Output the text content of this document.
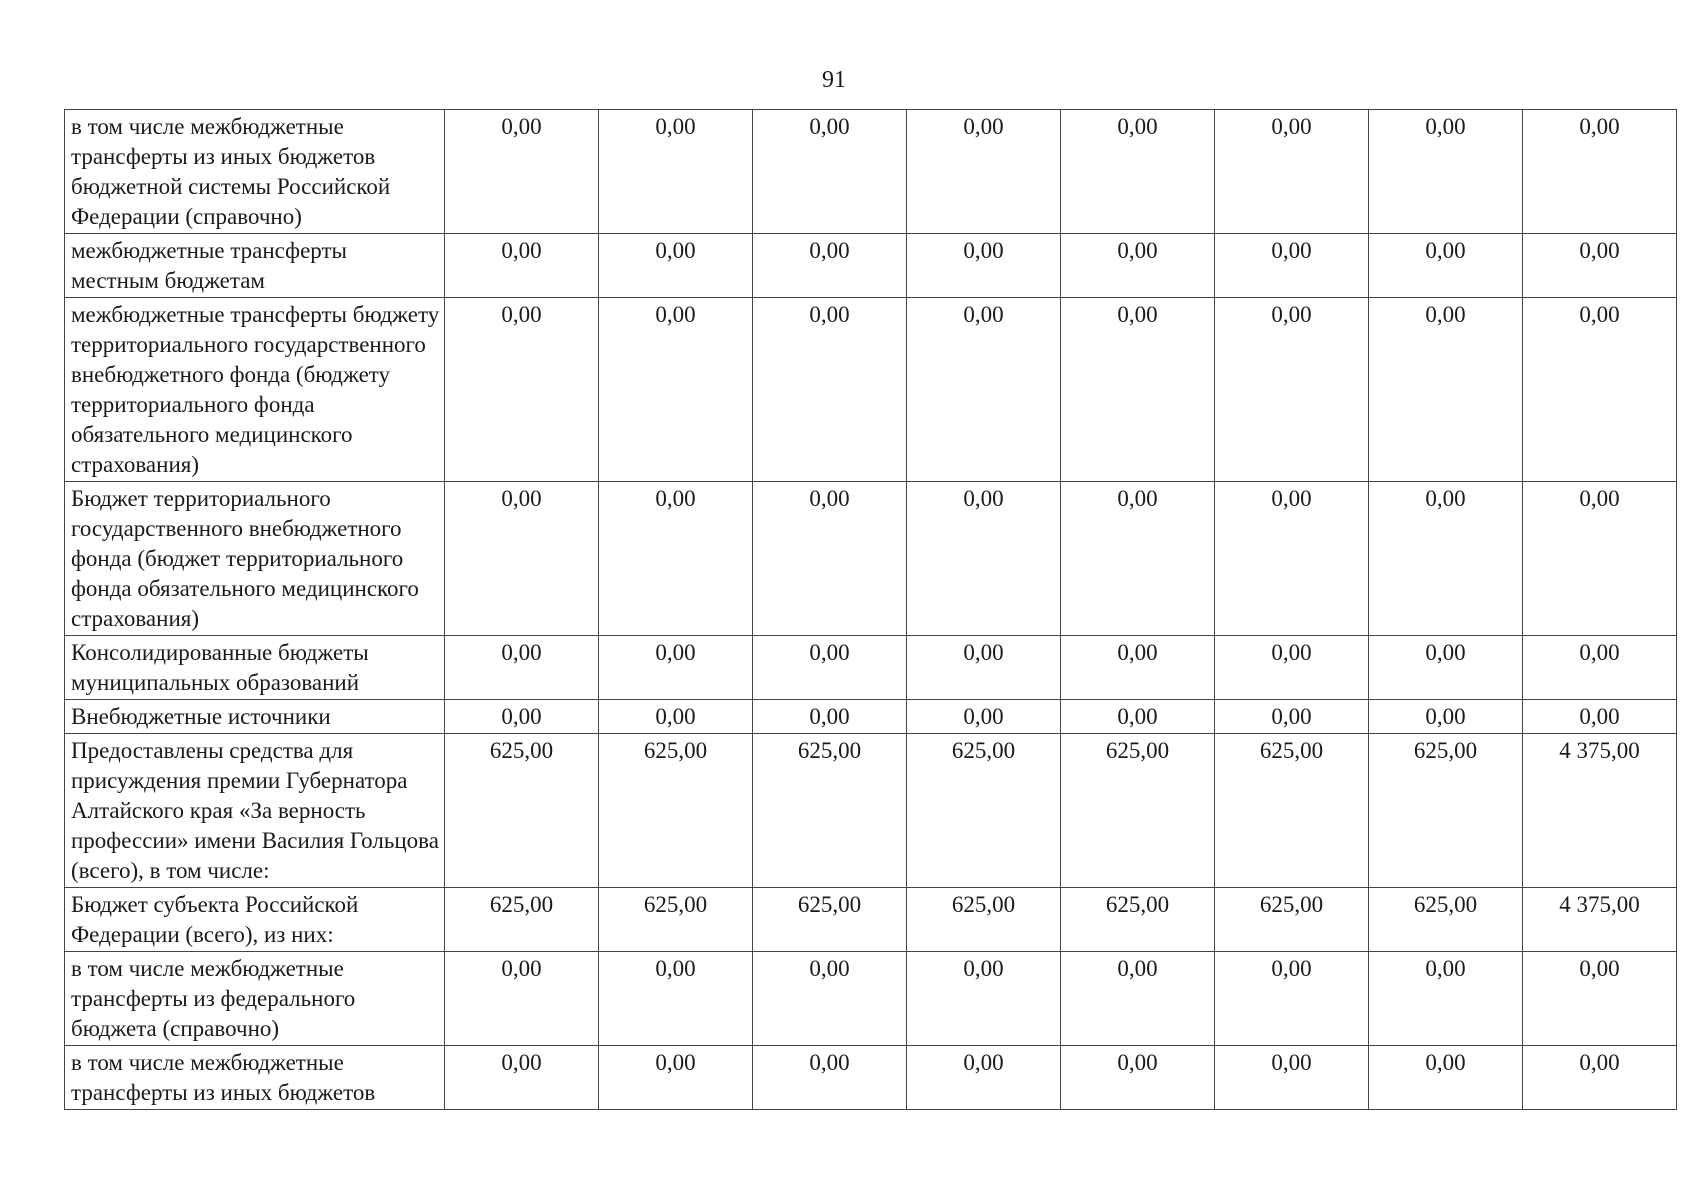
91
в том числе межбюджетные трансферты из иных бюджетов бюджетной системы Российской Федерации (справочно)	0,00	0,00	0,00	0,00	0,00	0,00	0,00	0,00
межбюджетные трансферты местным бюджетам	0,00	0,00	0,00	0,00	0,00	0,00	0,00	0,00
межбюджетные трансферты бюджету территориального государственного внебюджетного фонда (бюджету территориального фонда обязательного медицинского страхования)	0,00	0,00	0,00	0,00	0,00	0,00	0,00	0,00
Бюджет территориального государственного внебюджетного фонда (бюджет территориального фонда обязательного медицинского страхования)	0,00	0,00	0,00	0,00	0,00	0,00	0,00	0,00
Консолидированные бюджеты муниципальных образований	0,00	0,00	0,00	0,00	0,00	0,00	0,00	0,00
Внебюджетные источники	0,00	0,00	0,00	0,00	0,00	0,00	0,00	0,00
Предоставлены средства для присуждения премии Губернатора Алтайского края «За верность профессии» имени Василия Гольцова (всего), в том числе:	625,00	625,00	625,00	625,00	625,00	625,00	625,00	4 375,00
Бюджет субъекта Российской Федерации (всего), из них:	625,00	625,00	625,00	625,00	625,00	625,00	625,00	4 375,00
в том числе межбюджетные трансферты из федерального бюджета (справочно)	0,00	0,00	0,00	0,00	0,00	0,00	0,00	0,00
в том числе межбюджетные трансферты из иных бюджетов	0,00	0,00	0,00	0,00	0,00	0,00	0,00	0,00
